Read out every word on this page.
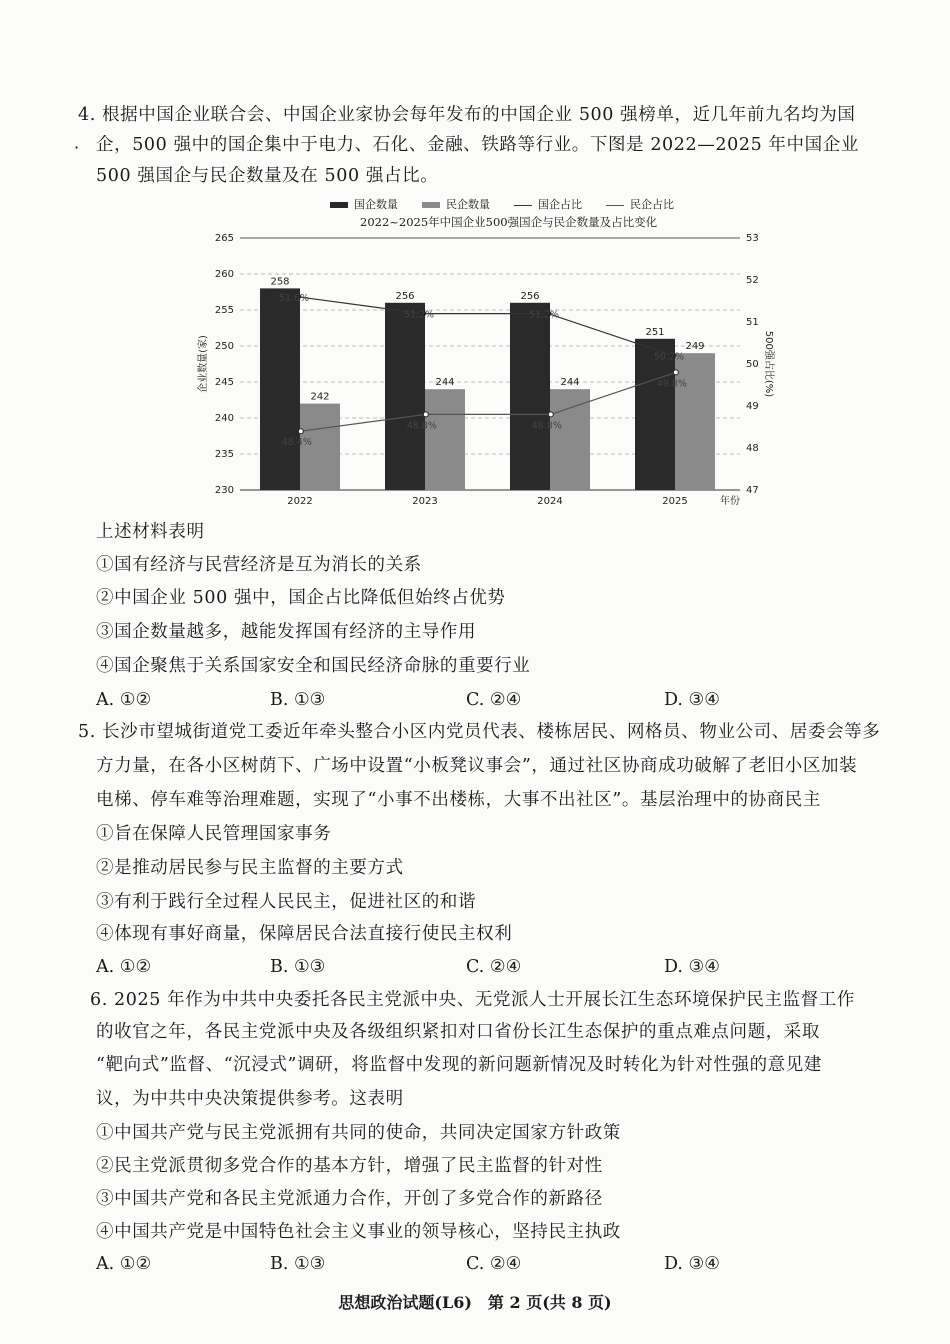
4. 根据中国企业联合会、中国企业家协会每年发布的中国企业 500 强榜单，近几年前九名均为国
· 企，500 强中的国企集中于电力、石化、金融、铁路等行业。下图是 2022—2025 年中国企业
500 强国企与民企数量及在 500 强占比。
国企数量	民企数量	国企占比	民企占比
2022~2025年中国企业500强国企与民企数量及占比变化
230
235
240
245
250
255
260
265
47
48
49
50
51
52
53
企业数量(家)	500强占比(%)
年份
2022
258
242
2023
256
244
2024
256
244
2025
251
249
51.6%
51.2%	51.2%
50.2%
48.4%
48.8%	48.8%
49.8%
上述材料表明
①国有经济与民营经济是互为消长的关系
②中国企业 500 强中，国企占比降低但始终占优势
③国企数量越多，越能发挥国有经济的主导作用
④国企聚焦于关系国家安全和国民经济命脉的重要行业
A. ①②	B. ①③	C. ②④	D. ③④
5. 长沙市望城街道党工委近年牵头整合小区内党员代表、楼栋居民、网格员、物业公司、居委会等多
方力量，在各小区树荫下、广场中设置“小板凳议事会”，通过社区协商成功破解了老旧小区加装
电梯、停车难等治理难题，实现了“小事不出楼栋，大事不出社区”。基层治理中的协商民主
①旨在保障人民管理国家事务
②是推动居民参与民主监督的主要方式
③有利于践行全过程人民民主，促进社区的和谐
④体现有事好商量，保障居民合法直接行使民主权利
A. ①②	B. ①③	C. ②④	D. ③④
6. 2025 年作为中共中央委托各民主党派中央、无党派人士开展长江生态环境保护民主监督工作
的收官之年，各民主党派中央及各级组织紧扣对口省份长江生态保护的重点难点问题，采取
“靶向式”监督、“沉浸式”调研，将监督中发现的新问题新情况及时转化为针对性强的意见建
议，为中共中央决策提供参考。这表明
①中国共产党与民主党派拥有共同的使命，共同决定国家方针政策
②民主党派贯彻多党合作的基本方针，增强了民主监督的针对性
③中国共产党和各民主党派通力合作，开创了多党合作的新路径
④中国共产党是中国特色社会主义事业的领导核心，坚持民主执政
A. ①②	B. ①③	C. ②④	D. ③④
思想政治试题(L6)　第 2 页(共 8 页)
